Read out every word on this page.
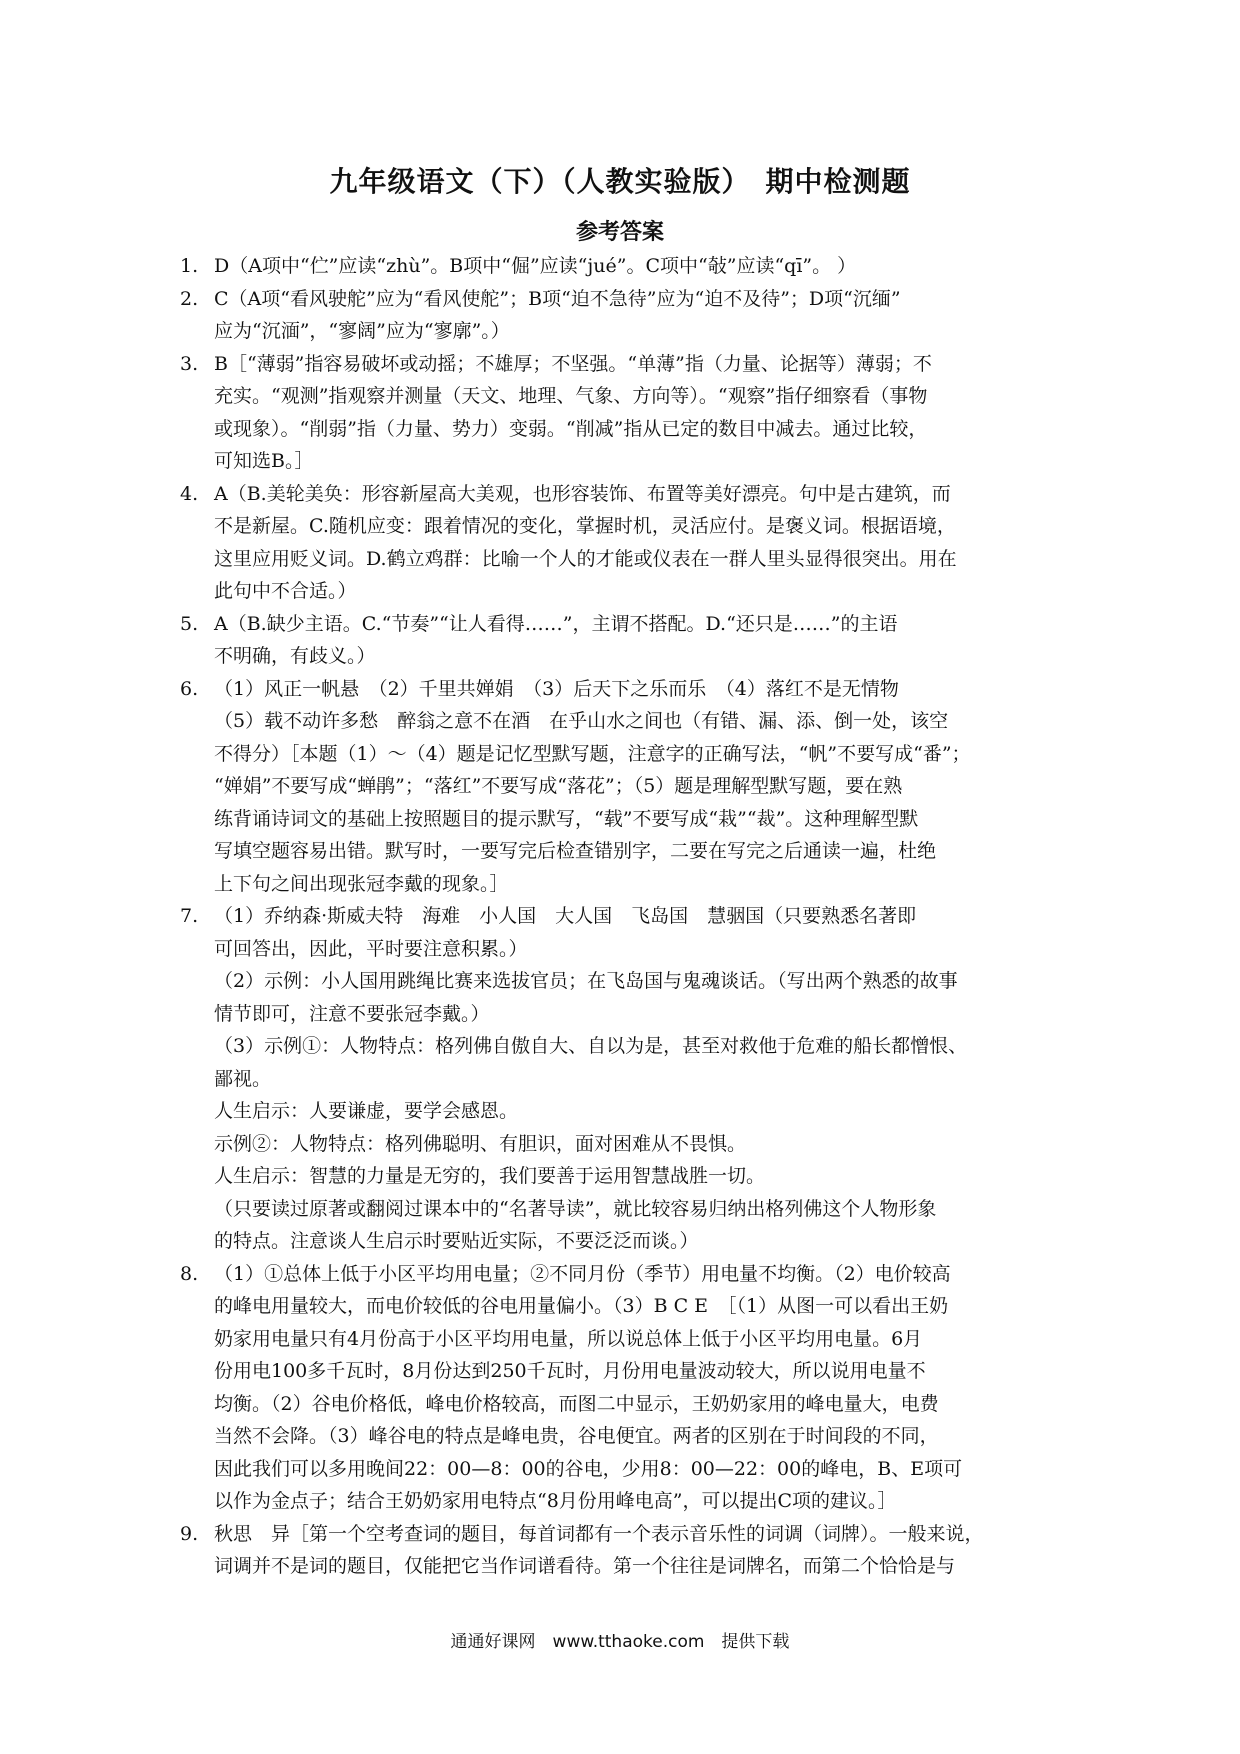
九年级语文（下）（人教实验版）　期中检测题
参考答案
1. D（A项中“伫”应读“zhù”。B项中“倔”应读“jué”。C项中“敧”应读“qī”。 ）
2. C（A项“看风驶舵”应为“看风使舵”；B项“迫不急待”应为“迫不及待”；D项“沉缅”
应为“沉湎”，“寥阔”应为“寥廓”。）
3. B［“薄弱”指容易破坏或动摇；不雄厚；不坚强。“单薄”指（力量、论据等）薄弱；不
充实。“观测”指观察并测量（天文、地理、气象、方向等）。“观察”指仔细察看（事物
或现象）。“削弱”指（力量、势力）变弱。“削减”指从已定的数目中减去。通过比较，
可知选B。］
4. A（B.美轮美奂：形容新屋高大美观，也形容装饰、布置等美好漂亮。句中是古建筑，而
不是新屋。C.随机应变：跟着情况的变化，掌握时机，灵活应付。是褒义词。根据语境，
这里应用贬义词。D.鹤立鸡群：比喻一个人的才能或仪表在一群人里头显得很突出。用在
此句中不合适。）
5. A（B.缺少主语。C.“节奏”“让人看得……”，主谓不搭配。D.“还只是……”的主语
不明确，有歧义。）
6. （1）风正一帆悬　（2）千里共婵娟　（3）后天下之乐而乐　（4）落红不是无情物
（5）载不动许多愁　醉翁之意不在酒　在乎山水之间也（有错、漏、添、倒一处，该空
不得分）［本题（1）～（4）题是记忆型默写题，注意字的正确写法，“帆”不要写成“番”；
“婵娟”不要写成“蝉鹃”；“落红”不要写成“落花”；（5）题是理解型默写题，要在熟
练背诵诗词文的基础上按照题目的提示默写，“载”不要写成“栽”“裁”。这种理解型默
写填空题容易出错。默写时，一要写完后检查错别字，二要在写完之后通读一遍，杜绝
上下句之间出现张冠李戴的现象。］
7. （1）乔纳森·斯威夫特　海难　小人国　大人国　飞岛国　慧骃国（只要熟悉名著即
可回答出，因此，平时要注意积累。）
（2）示例：小人国用跳绳比赛来选拔官员；在飞岛国与鬼魂谈话。（写出两个熟悉的故事
情节即可，注意不要张冠李戴。）
（3）示例①：人物特点：格列佛自傲自大、自以为是，甚至对救他于危难的船长都憎恨、
鄙视。
人生启示：人要谦虚，要学会感恩。
示例②：人物特点：格列佛聪明、有胆识，面对困难从不畏惧。
人生启示：智慧的力量是无穷的，我们要善于运用智慧战胜一切。
（只要读过原著或翻阅过课本中的“名著导读”，就比较容易归纳出格列佛这个人物形象
的特点。注意谈人生启示时要贴近实际，不要泛泛而谈。）
8. （1）①总体上低于小区平均用电量；②不同月份（季节）用电量不均衡。（2）电价较高
的峰电用量较大，而电价较低的谷电用量偏小。（3）B C E　［（1）从图一可以看出王奶
奶家用电量只有4月份高于小区平均用电量，所以说总体上低于小区平均用电量。6月
份用电100多千瓦时，8月份达到250千瓦时，月份用电量波动较大，所以说用电量不
均衡。（2）谷电价格低，峰电价格较高，而图二中显示，王奶奶家用的峰电量大，电费
当然不会降。（3）峰谷电的特点是峰电贵，谷电便宜。两者的区别在于时间段的不同，
因此我们可以多用晚间22：00—8：00的谷电，少用8：00—22：00的峰电，B、E项可
以作为金点子；结合王奶奶家用电特点“8月份用峰电高”，可以提出C项的建议。］
9. 秋思　异［第一个空考查词的题目，每首词都有一个表示音乐性的词调（词牌）。一般来说，
词调并不是词的题目，仅能把它当作词谱看待。第一个往往是词牌名，而第二个恰恰是与
通通好课网　www.tthaoke.com　提供下载
